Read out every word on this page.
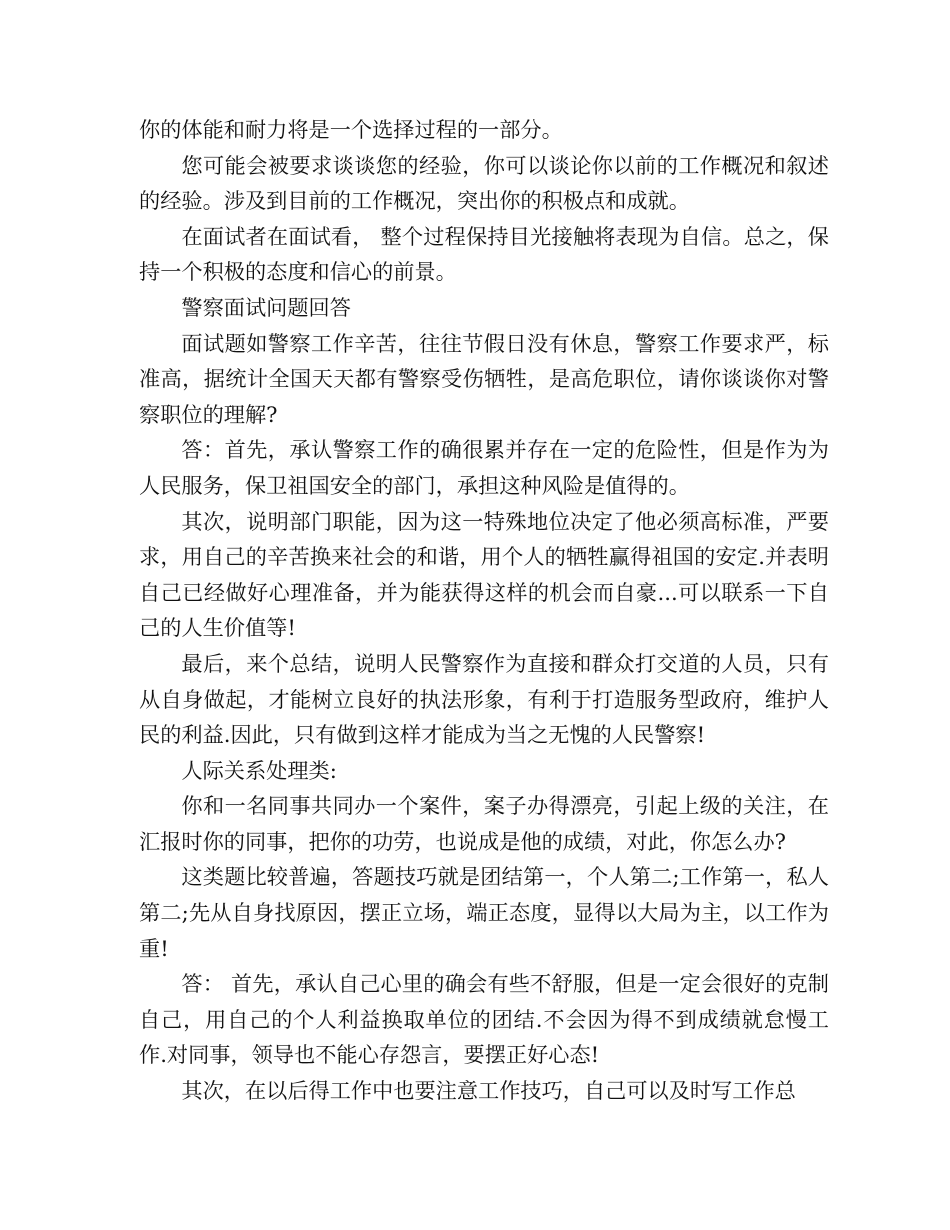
你的体能和耐力将是一个选择过程的一部分。

您可能会被要求谈谈您的经验，你可以谈论你以前的工作概况和叙述的经验。涉及到目前的工作概况，突出你的积极点和成就。

在面试者在面试看， 整个过程保持目光接触将表现为自信。总之，保持一个积极的态度和信心的前景。

警察面试问题回答

面试题如警察工作辛苦，往往节假日没有休息，警察工作要求严，标准高，据统计全国天天都有警察受伤牺牲，是高危职位，请你谈谈你对警察职位的理解?

答：首先，承认警察工作的确很累并存在一定的危险性，但是作为为人民服务，保卫祖国安全的部门，承担这种风险是值得的。

其次，说明部门职能，因为这一特殊地位决定了他必须高标准，严要求，用自己的辛苦换来社会的和谐，用个人的牺牲赢得祖国的安定.并表明自己已经做好心理准备，并为能获得这样的机会而自豪...可以联系一下自己的人生价值等!

最后，来个总结，说明人民警察作为直接和群众打交道的人员，只有从自身做起，才能树立良好的执法形象，有利于打造服务型政府，维护人民的利益.因此，只有做到这样才能成为当之无愧的人民警察!

人际关系处理类:

你和一名同事共同办一个案件，案子办得漂亮，引起上级的关注，在汇报时你的同事，把你的功劳，也说成是他的成绩，对此，你怎么办?

这类题比较普遍，答题技巧就是团结第一，个人第二;工作第一，私人第二;先从自身找原因，摆正立场，端正态度，显得以大局为主，以工作为重!

答： 首先，承认自己心里的确会有些不舒服，但是一定会很好的克制自己，用自己的个人利益换取单位的团结.不会因为得不到成绩就怠慢工作.对同事，领导也不能心存怨言，要摆正好心态!

其次，在以后得工作中也要注意工作技巧，自己可以及时写工作总
